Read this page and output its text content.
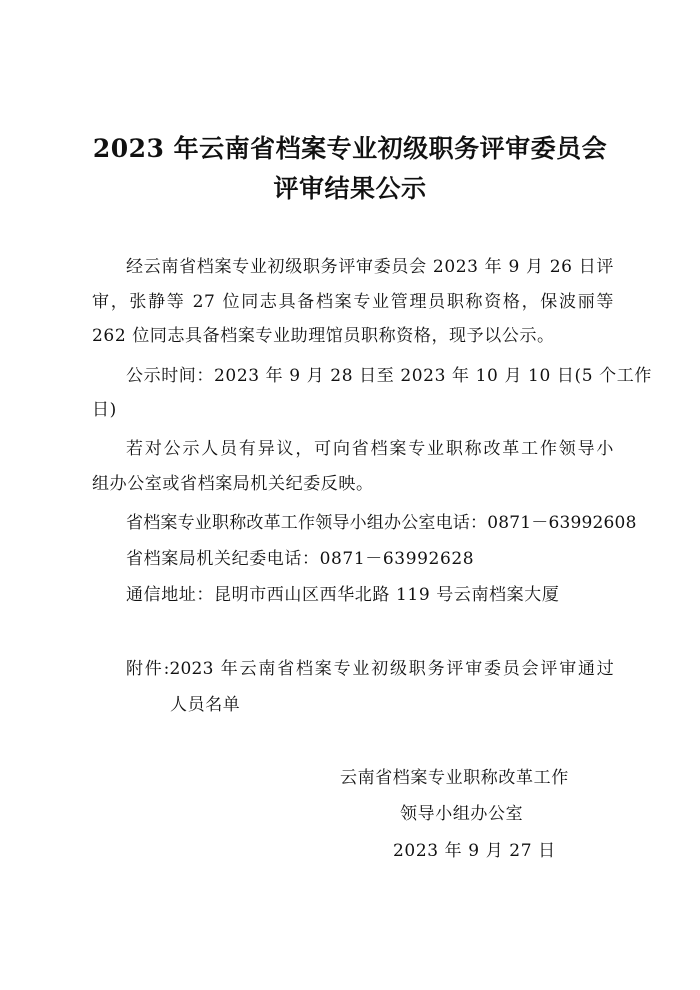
2023 年云南省档案专业初级职务评审委员会
评审结果公示
经云南省档案专业初级职务评审委员会 2023 年 9 月 26 日评
审，张静等 27 位同志具备档案专业管理员职称资格，保波丽等
262 位同志具备档案专业助理馆员职称资格，现予以公示。
公示时间：2023 年 9 月 28 日至 2023 年 10 月 10 日(5 个工作
日)
若对公示人员有异议，可向省档案专业职称改革工作领导小
组办公室或省档案局机关纪委反映。
省档案专业职称改革工作领导小组办公室电话：0871－63992608
省档案局机关纪委电话：0871－63992628
通信地址：昆明市西山区西华北路 119 号云南档案大厦
附件:2023 年云南省档案专业初级职务评审委员会评审通过
人员名单
云南省档案专业职称改革工作
领导小组办公室
2023 年 9 月 27 日
